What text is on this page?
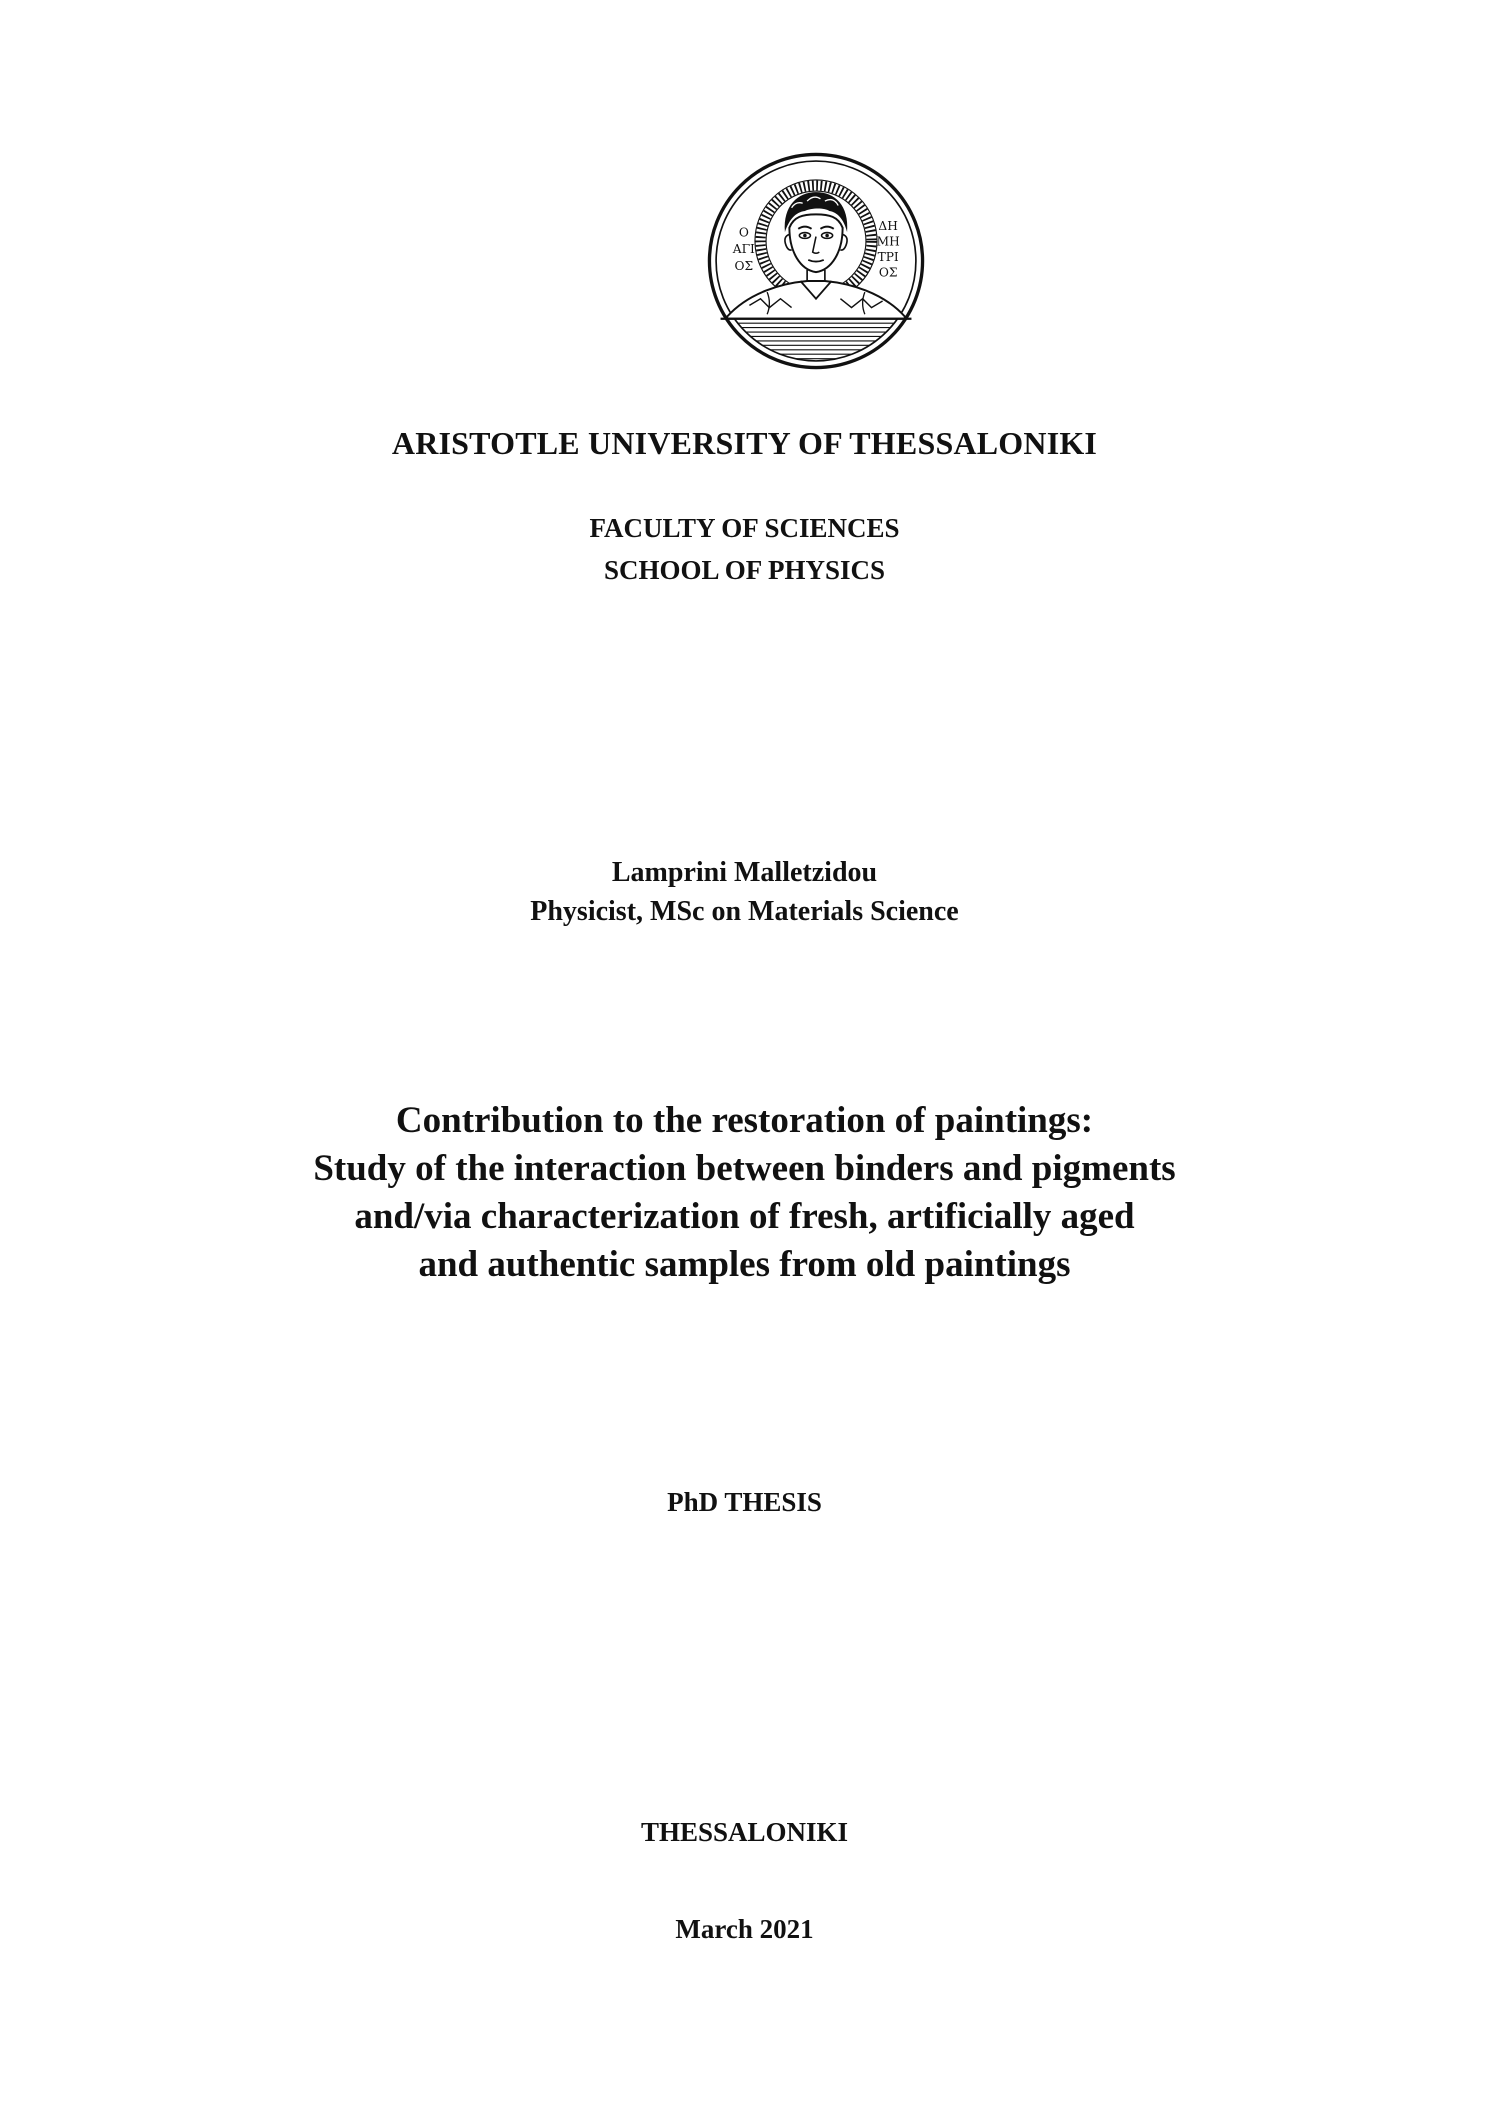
Ο
ΑΓΙ
ΟΣ
ΔΗ
ΜΗ
ΤΡΙ
ΟΣ

ARISTOTLE UNIVERSITY OF THESSALONIKI

FACULTY OF SCIENCES

SCHOOL OF PHYSICS

Lamprini Malletzidou

Physicist, MSc on Materials Science

Contribution to the restoration of paintings:
Study of the interaction between binders and pigments
and/via characterization of fresh, artificially aged
and authentic samples from old paintings

PhD THESIS

THESSALONIKI

March 2021
